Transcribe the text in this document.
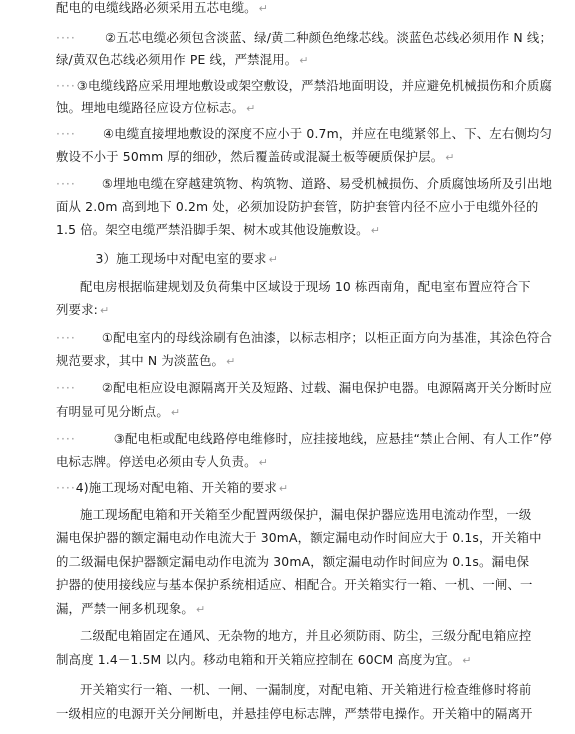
配电的电缆线路必须采用五芯电缆。 ↵
···· ②五芯电缆必须包含淡蓝、绿/黄二种颜色绝缘芯线。淡蓝色芯线必须用作 N 线；
绿/黄双色芯线必须用作 PE 线，严禁混用。 ↵
···· ③电缆线路应采用埋地敷设或架空敷设，严禁沿地面明设，并应避免机械损伤和介质腐
蚀。埋地电缆路径应设方位标志。 ↵
···· ④电缆直接埋地敷设的深度不应小于 0.7m，并应在电缆紧邻上、下、左右侧均匀
敷设不小于 50mm 厚的细砂，然后覆盖砖或混凝土板等硬质保护层。 ↵
···· ⑤埋地电缆在穿越建筑物、构筑物、道路、易受机械损伤、介质腐蚀场所及引出地
面从 2.0m 高到地下 0.2m 处，必须加设防护套管，防护套管内径不应小于电缆外径的
1.5 倍。架空电缆严禁沿脚手架、树木或其他设施敷设。 ↵
3）施工现场中对配电室的要求 ↵
配电房根据临建规划及负荷集中区域设于现场 10 栋西南角，配电室布置应符合下
列要求: ↵
···· ①配电室内的母线涂刷有色油漆，以标志相序；以柜正面方向为基准，其涂色符合
规范要求，其中 N 为淡蓝色。 ↵
···· ②配电柜应设电源隔离开关及短路、过载、漏电保护电器。电源隔离开关分断时应
有明显可见分断点。 ↵
····	③配电柜或配电线路停电维修时，应挂接地线，应悬挂“禁止合闸、有人工作”停
电标志牌。停送电必须由专人负责。 ↵
····4)施工现场对配电箱、开关箱的要求 ↵
施工现场配电箱和开关箱至少配置两级保护，漏电保护器应选用电流动作型，一级
漏电保护器的额定漏电动作电流大于 30mA，额定漏电动作时间应大于 0.1s，开关箱中
的二级漏电保护器额定漏电动作电流为 30mA，额定漏电动作时间应为 0.1s。漏电保
护器的使用接线应与基本保护系统相适应、相配合。开关箱实行一箱、一机、一闸、一
漏，严禁一闸多机现象。 ↵
二级配电箱固定在通风、无杂物的地方，并且必须防雨、防尘，三级分配电箱应控
制高度 1.4－1.5M 以内。移动电箱和开关箱应控制在 60CM 高度为宜。 ↵
开关箱实行一箱、一机、一闸、一漏制度，对配电箱、开关箱进行检查维修时将前
一级相应的电源开关分闸断电，并悬挂停电标志牌，严禁带电操作。开关箱中的隔离开
